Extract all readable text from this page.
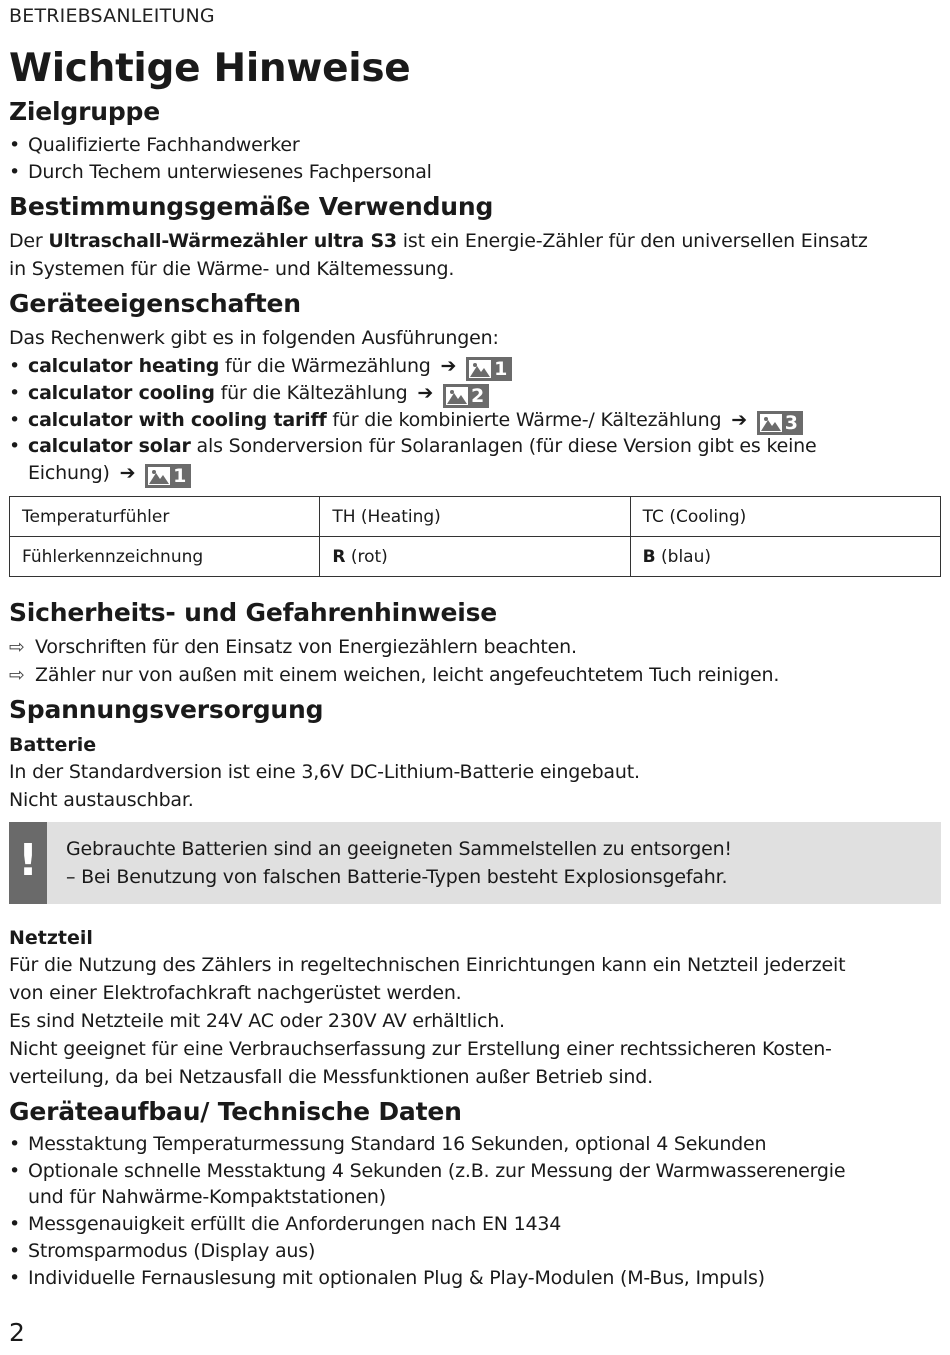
BETRIEBSANLEITUNG
Wichtige Hinweise
Zielgruppe
• Qualifizierte Fachhandwerker
• Durch Techem unterwiesenes Fachpersonal
Bestimmungsgemäße Verwendung
Der Ultraschall-Wärmezähler ultra S3 ist ein Energie-Zähler für den universellen Einsatz
in Systemen für die Wärme- und Kältemessung.
Geräteeigenschaften
Das Rechenwerk gibt es in folgenden Ausführungen:
• calculator heating für die Wärmezählung ➔ 1
• calculator cooling für die Kältezählung ➔ 2
• calculator with cooling tariff für die kombinierte Wärme-/ Kältezählung ➔ 3
• calculator solar als Sonderversion für Solaranlagen (für diese Version gibt es keine
Eichung) ➔ 1
Temperaturfühler	TH (Heating)	TC (Cooling)
Fühlerkennzeichnung	R (rot)	B (blau)
Sicherheits- und Gefahrenhinweise
⇨ Vorschriften für den Einsatz von Energiezählern beachten.
⇨ Zähler nur von außen mit einem weichen, leicht angefeuchtetem Tuch reinigen.
Spannungsversorgung
Batterie
In der Standardversion ist eine 3,6V DC-Lithium-Batterie eingebaut.
Nicht austauschbar.
!	Gebrauchte Batterien sind an geeigneten Sammelstellen zu entsorgen!
– Bei Benutzung von falschen Batterie-Typen besteht Explosionsgefahr.
Netzteil
Für die Nutzung des Zählers in regeltechnischen Einrichtungen kann ein Netzteil jederzeit
von einer Elektrofachkraft nachgerüstet werden.
Es sind Netzteile mit 24V AC oder 230V AV erhältlich.
Nicht geeignet für eine Verbrauchserfassung zur Erstellung einer rechtssicheren Kosten-
verteilung, da bei Netzausfall die Messfunktionen außer Betrieb sind.
Geräteaufbau/ Technische Daten
• Messtaktung Temperaturmessung Standard 16 Sekunden, optional 4 Sekunden
• Optionale schnelle Messtaktung 4 Sekunden (z.B. zur Messung der Warmwasserenergie
und für Nahwärme-Kompaktstationen)
• Messgenauigkeit erfüllt die Anforderungen nach EN 1434
• Stromsparmodus (Display aus)
• Individuelle Fernauslesung mit optionalen Plug & Play-Modulen (M-Bus, Impuls)
2
